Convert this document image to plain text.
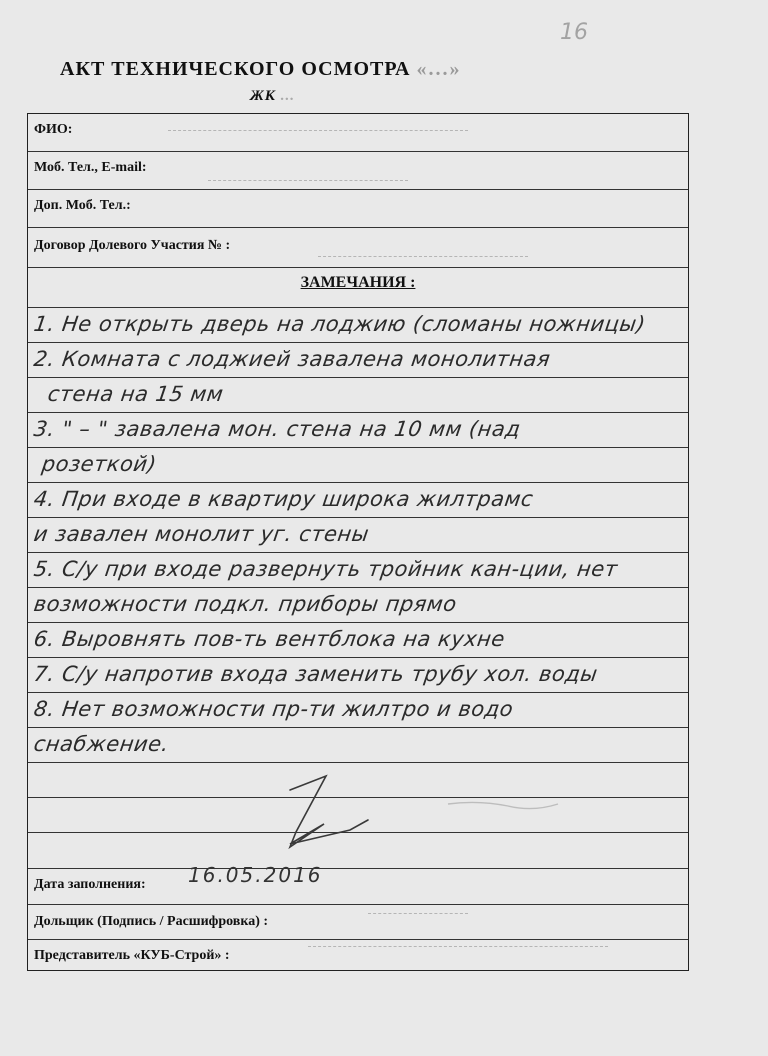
16
АКТ ТЕХНИЧЕСКОГО ОСМОТРА «...»
ЖК ...
ФИО:
Моб. Тел., E-mail:
Доп. Моб. Тел.:
Договор Долевого Участия № :
ЗАМЕЧАНИЯ :
1. Не открыть дверь на лоджию (сломаны ножницы)
2. Комната с лоджией завалена монолитная
стена на 15 мм
3. " – " завалена мон. стена на 10 мм (над
розеткой)
4. При входе в квартиру широка жилтрамс
и завален монолит уг. стены
5. С/у при входе развернуть тройник кан-ции, нет
возможности подкл. приборы прямо
6. Выровнять пов-ть вентблока на кухне
7. С/у напротив входа заменить трубу хол. воды
8. Нет возможности пр-ти жилтро и водо
снабжение.
Дата заполнения: 16.05.2016
Дольщик (Подпись / Расшифровка) :
Представитель «КУБ-Строй» :
